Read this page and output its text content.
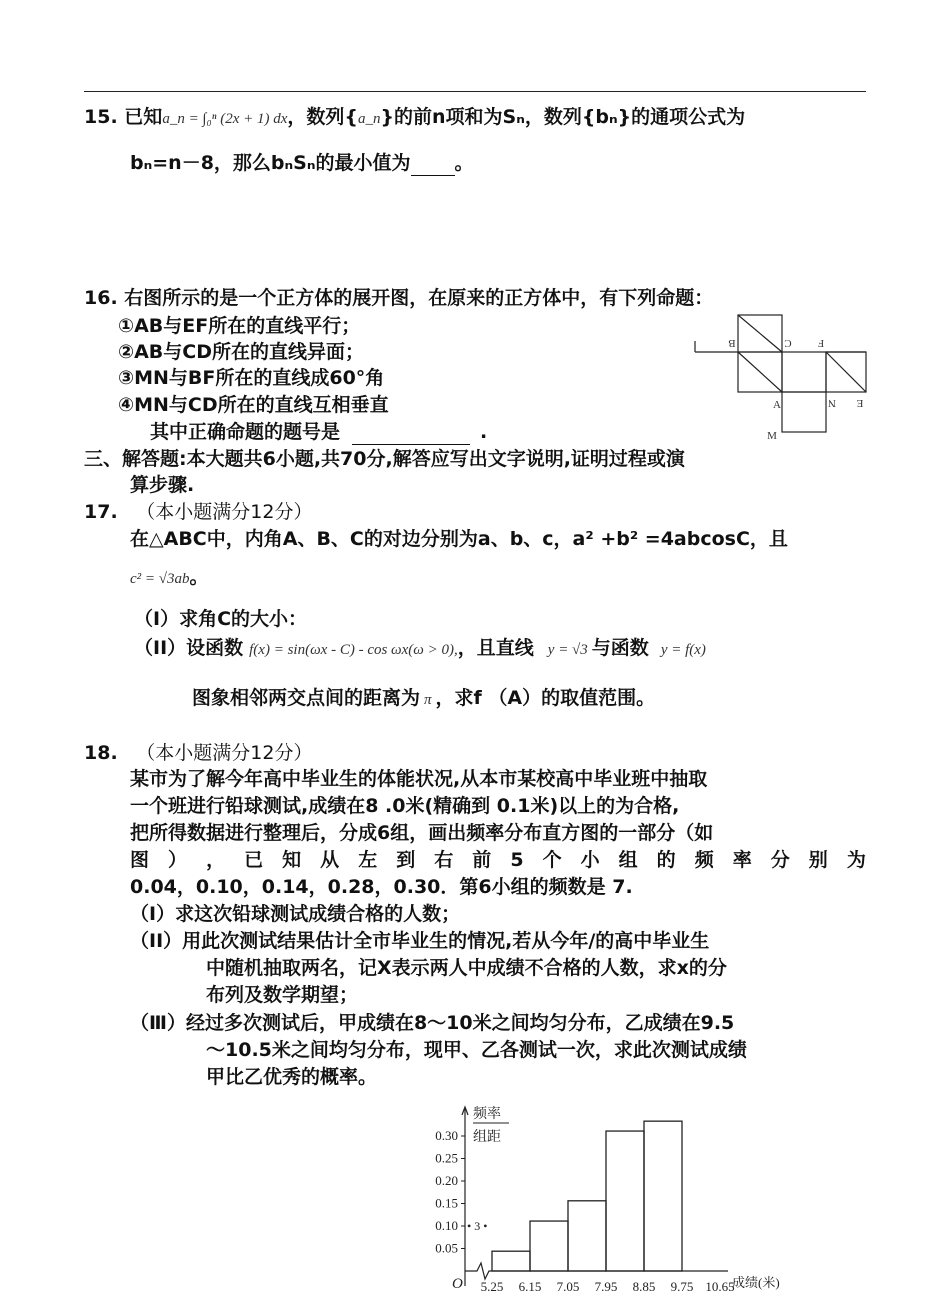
15. 已知a_n = ∫₀ⁿ (2x + 1) dx，数列{a_n}的前n项和为Sₙ，数列{bₙ}的通项公式为
bₙ=n－8，那么bₙSₙ的最小值为 。
16. 右图所示的是一个正方体的展开图，在原来的正方体中，有下列命题：
①AB与EF所在的直线平行；
②AB与CD所在的直线异面；
③MN与BF所在的直线成60°角
④MN与CD所在的直线互相垂直
其中正确命题的题号是	.
B	C F
A	N E
M
三、解答题:本大题共6小题,共70分,解答应写出文字说明,证明过程或演
算步骤.
17. （本小题满分12分）
在△ABC中，内角A、B、C的对边分别为a、b、c，a² +b² =4abcosC，且
c² = √3ab。
（I）求角C的大小：
（II）设函数 f(x) = sin(ωx - C) - cos ωx(ω > 0),，且直线 y = √3 与函数 y = f(x)
图象相邻两交点间的距离为 π ，求f （A）的取值范围。
18. （本小题满分12分）
某市为了解今年高中毕业生的体能状况,从本市某校高中毕业班中抽取
一个班进行铅球测试,成绩在8 .0米(精确到 0.1米)以上的为合格,
把所得数据进行整理后，分成6组，画出频率分布直方图的一部分（如
图 ） ， 已 知 从 左 到 右 前 5 个 小 组 的 频 率 分 别 为
0.04，0.10，0.14，0.28，0.30．第6小组的频数是 7.
（I）求这次铅球测试成绩合格的人数；
（II）用此次测试结果估计全市毕业生的情况,若从今年/的高中毕业生
中随机抽取两名，记X表示两人中成绩不合格的人数，求x的分
布列及数学期望；
（Ⅲ）经过多次测试后，甲成绩在8～10米之间均匀分布，乙成绩在9.5
～10.5米之间均匀分布，现甲、乙各测试一次，求此次测试成绩
甲比乙优秀的概率。
0.05
0.10
0.15
0.20
0.25
0.30
5.25 6.15 7.05 7.95 8.85 9.75 10.65
O	成绩(米)
频率
组距
• 3 •
